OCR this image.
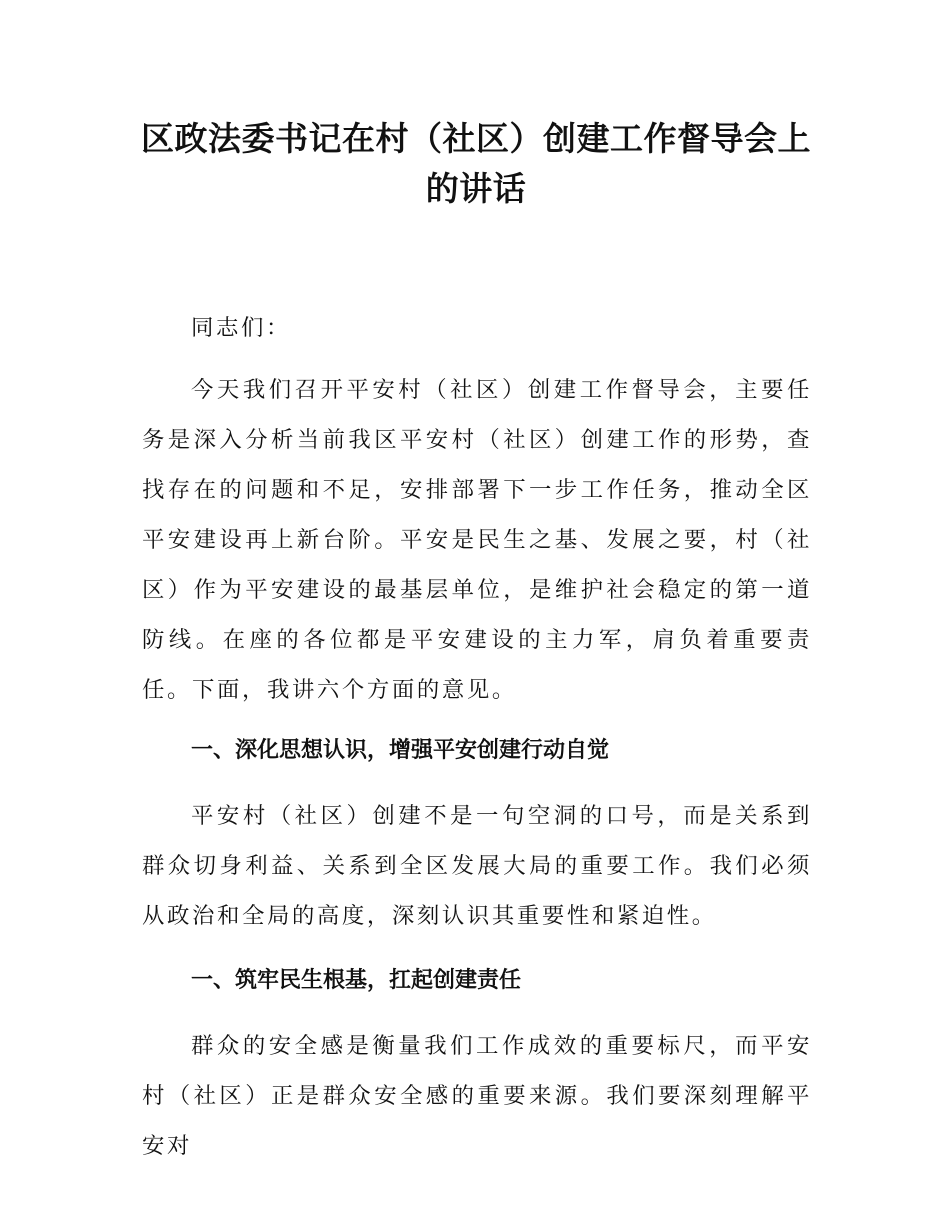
区政法委书记在村（社区）创建工作督导会上的讲话

同志们：

今天我们召开平安村（社区）创建工作督导会，主要任务是深入分析当前我区平安村（社区）创建工作的形势，查找存在的问题和不足，安排部署下一步工作任务，推动全区平安建设再上新台阶。平安是民生之基、发展之要，村（社区）作为平安建设的最基层单位，是维护社会稳定的第一道防线。在座的各位都是平安建设的主力军，肩负着重要责任。下面，我讲六个方面的意见。

一、深化思想认识，增强平安创建行动自觉

平安村（社区）创建不是一句空洞的口号，而是关系到群众切身利益、关系到全区发展大局的重要工作。我们必须从政治和全局的高度，深刻认识其重要性和紧迫性。

一、筑牢民生根基，扛起创建责任

群众的安全感是衡量我们工作成效的重要标尺，而平安村（社区）正是群众安全感的重要来源。我们要深刻理解平安对
